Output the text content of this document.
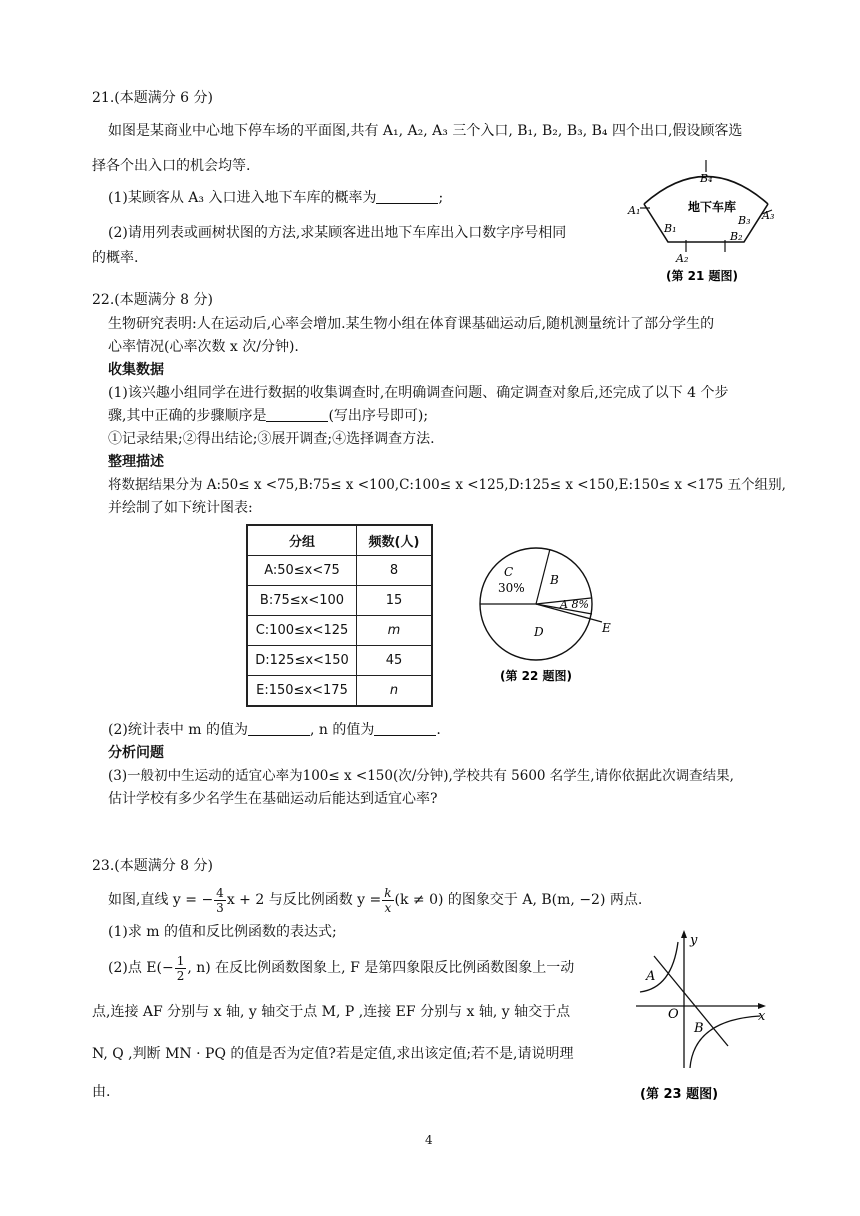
21.(本题满分 6 分)
如图是某商业中心地下停车场的平面图,共有 A₁, A₂, A₃ 三个入口, B₁, B₂, B₃, B₄ 四个出口,假设顾客选
择各个出入口的机会均等.
(1)某顾客从 A₃ 入口进入地下车库的概率为	;
(2)请用列表或画树状图的方法,求某顾客进出地下车库出入口数字序号相同
的概率.
地下车库
A₁
A₂
A₃
B₁
B₂
B₃
B₄
(第 21 题图)
22.(本题满分 8 分)
生物研究表明:人在运动后,心率会增加.某生物小组在体育课基础运动后,随机测量统计了部分学生的
心率情况(心率次数 x 次/分钟).
收集数据
(1)该兴趣小组同学在进行数据的收集调查时,在明确调查问题、确定调查对象后,还完成了以下 4 个步
骤,其中正确的步骤顺序是	(写出序号即可);
①记录结果;②得出结论;③展开调查;④选择调查方法.
整理描述
将数据结果分为 A:50≤ x <75,B:75≤ x <100,C:100≤ x <125,D:125≤ x <150,E:150≤ x <175 五个组别,
并绘制了如下统计图表:
分组	频数(人)
A:50≤x<75	8
B:75≤x<100	15
C:100≤x<125	m
D:125≤x<150	45
E:150≤x<175	n
C
30%
B
A 8%
D	E
(第 22 题图)
(2)统计表中 m 的值为	, n 的值为	.
分析问题
(3)一般初中生运动的适宜心率为100≤ x <150(次/分钟),学校共有 5600 名学生,请你依据此次调查结果,
估计学校有多少名学生在基础运动后能达到适宜心率?
23.(本题满分 8 分)
如图,直线 y = − $\frac{4}{3}$ x + 2 与反比例函数 $y = \frac{k}{x} (k \ne 0)$ 的图象交于 A, B(m, −2) 两点.
(1)求 m 的值和反比例函数的表达式;
(2)点 $E(- \frac{1}{2}$ , n) 在反比例函数图象上, F 是第四象限反比例函数图象上一动
点,连接 AF 分别与 x 轴, y 轴交于点 M, P ,连接 EF 分别与 x 轴, y 轴交于点
N, Q ,判断 MN · PQ 的值是否为定值?若是定值,求出该定值;若不是,请说明理
由.
y
x
O
A
B
(第 23 题图)
4
